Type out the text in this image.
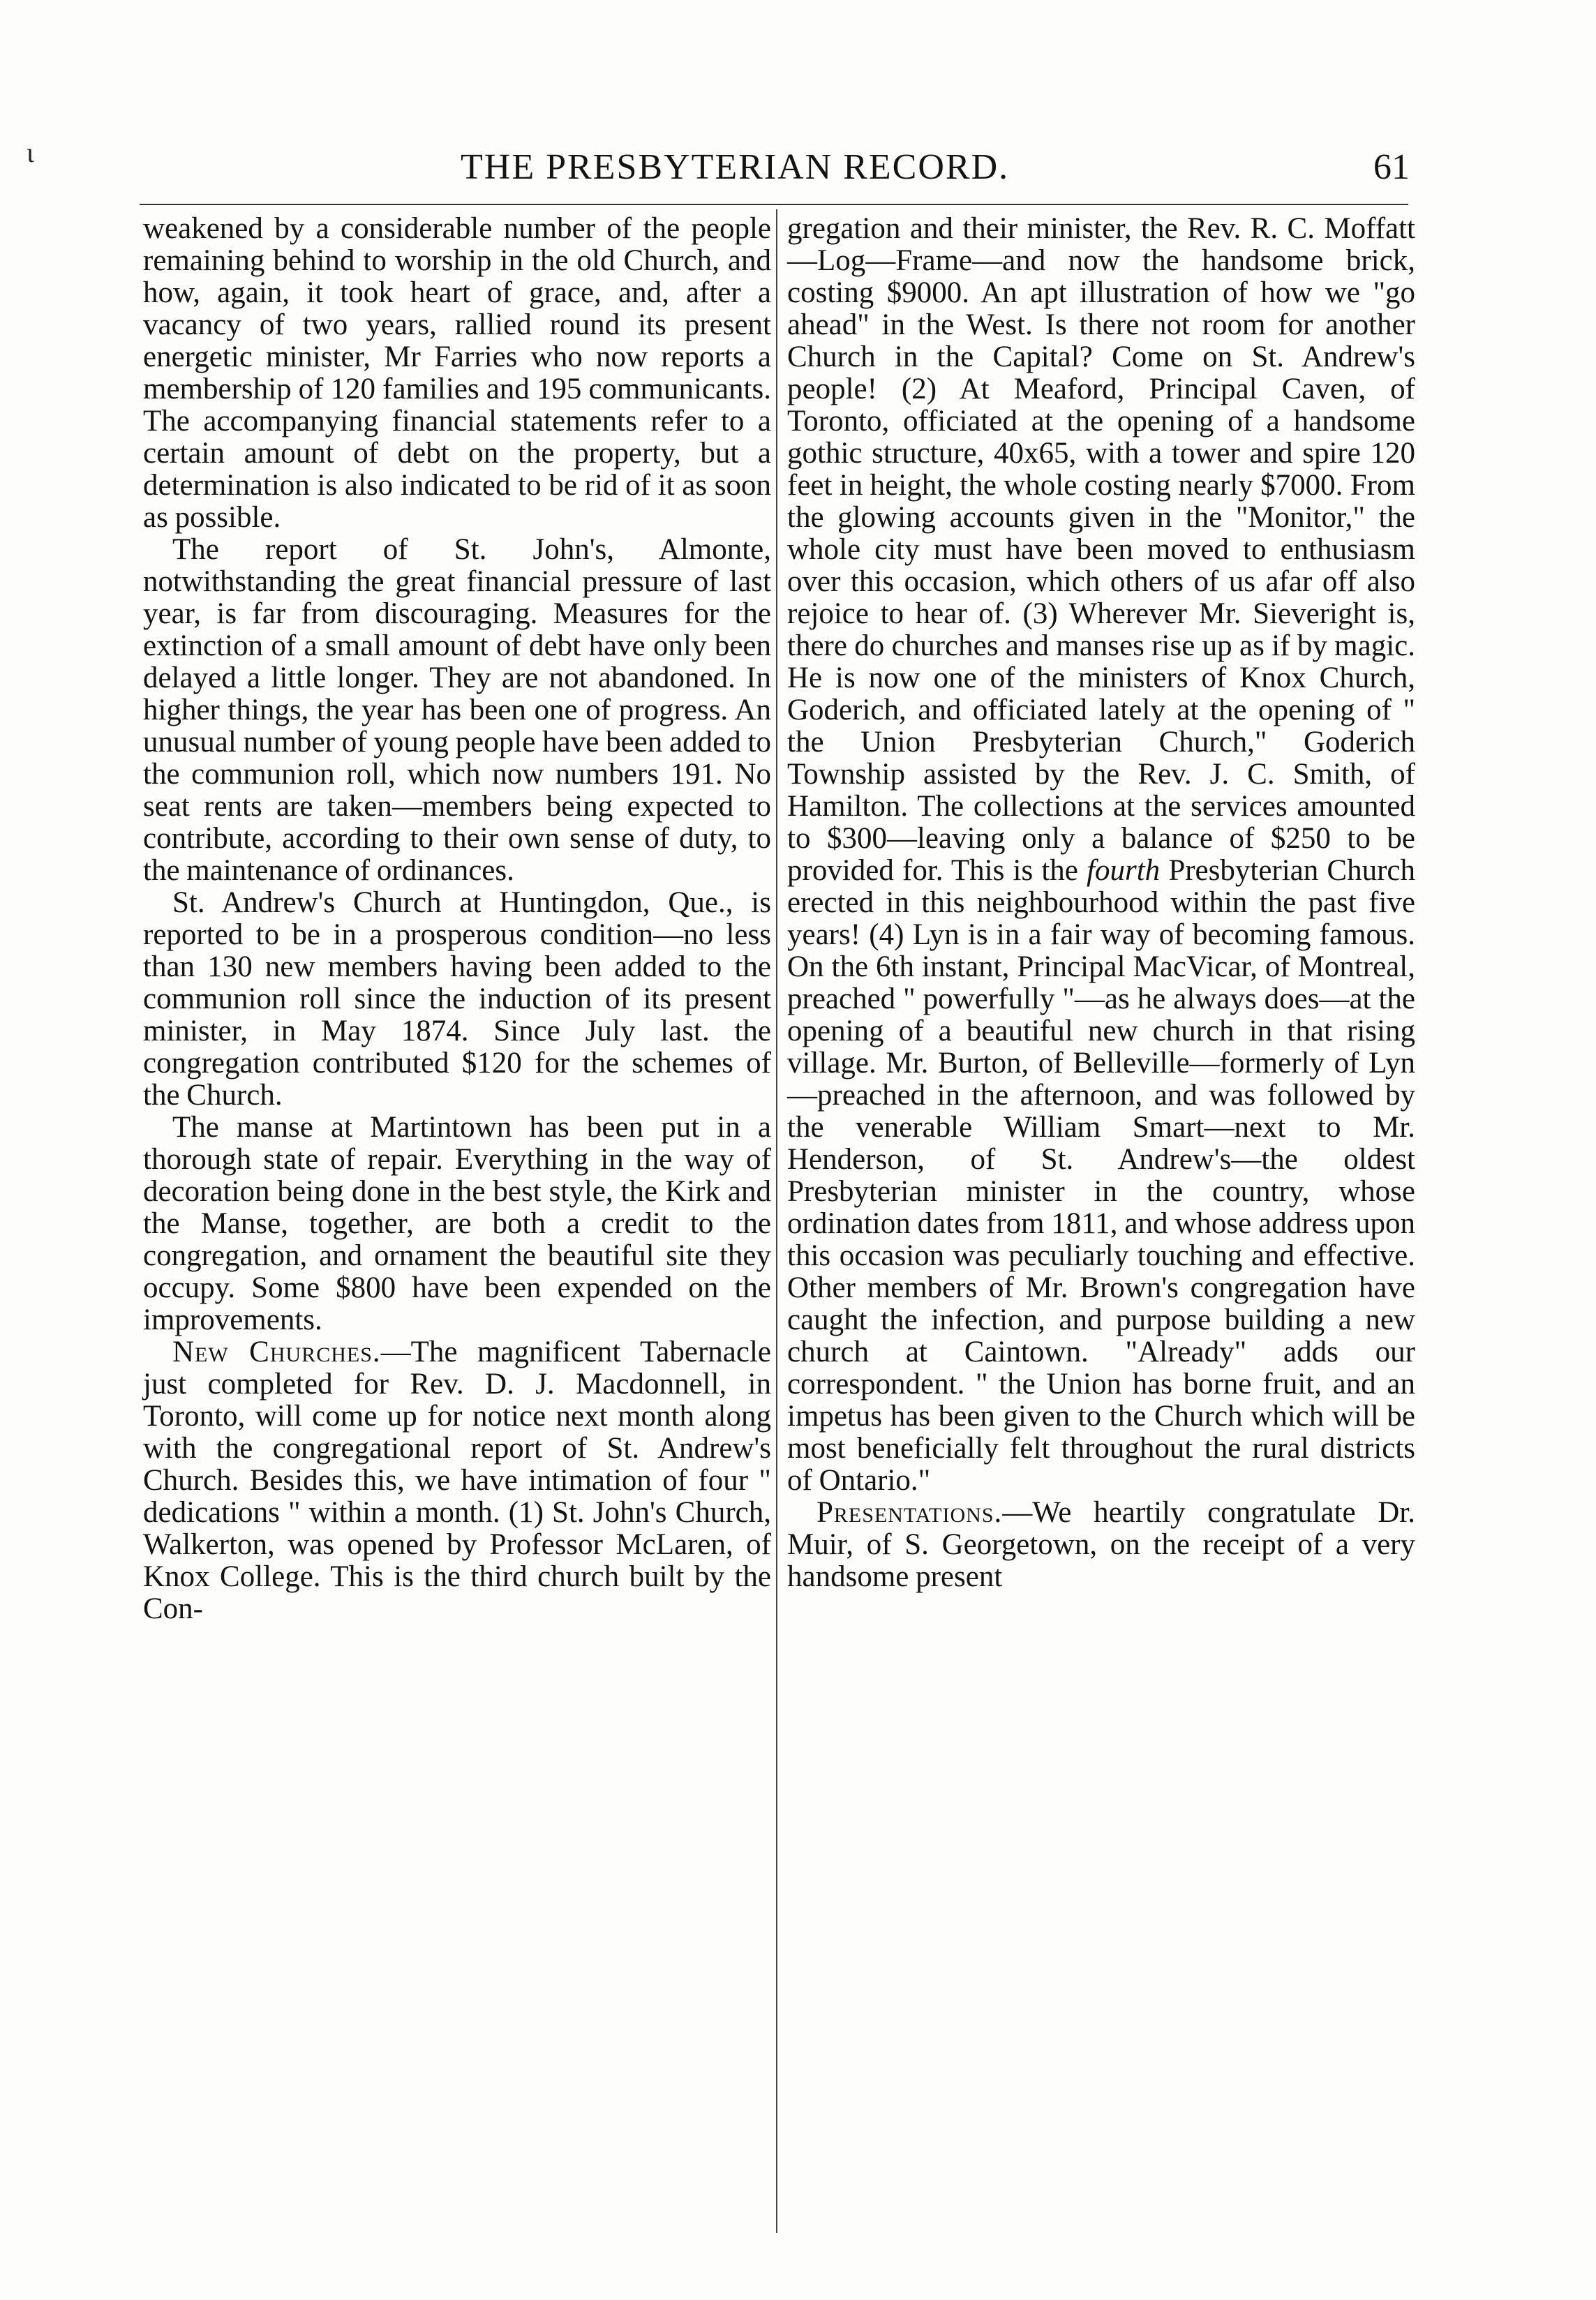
THE PRESBYTERIAN RECORD.	61
ι

weakened by a considerable number of the people remaining behind to worship in the old Church, and how, again, it took heart of grace, and, after a vacancy of two years, rallied round its present energetic minister, Mr Farries who now reports a membership of 120 families and 195 communicants. The accompanying financial statements refer to a certain amount of debt on the property, but a determination is also indicated to be rid of it as soon as possible.

The report of St. John's, Almonte, notwithstanding the great financial pressure of last year, is far from discouraging. Measures for the extinction of a small amount of debt have only been delayed a little longer. They are not abandoned. In higher things, the year has been one of progress. An unusual number of young people have been added to the communion roll, which now numbers 191. No seat rents are taken—members being expected to contribute, according to their own sense of duty, to the maintenance of ordinances.

St. Andrew's Church at Huntingdon, Que., is reported to be in a prosperous condition—no less than 130 new members having been added to the communion roll since the induction of its present minister, in May 1874. Since July last. the congregation contributed $120 for the schemes of the Church.

The manse at Martintown has been put in a thorough state of repair. Everything in the way of decoration being done in the best style, the Kirk and the Manse, together, are both a credit to the congregation, and ornament the beautiful site they occupy. Some $800 have been expended on the improvements.

New Churches.—The magnificent Tabernacle just completed for Rev. D. J. Macdonnell, in Toronto, will come up for notice next month along with the congregational report of St. Andrew's Church. Besides this, we have intimation of four " dedications " within a month. (1) St. John's Church, Walkerton, was opened by Professor McLaren, of Knox College. This is the third church built by the Con-

gregation and their minister, the Rev. R. C. Moffatt—Log—Frame—and now the handsome brick, costing $9000. An apt illustration of how we "go ahead" in the West. Is there not room for another Church in the Capital? Come on St. Andrew's people! (2) At Meaford, Principal Caven, of Toronto, officiated at the opening of a handsome gothic structure, 40x65, with a tower and spire 120 feet in height, the whole costing nearly $7000. From the glowing accounts given in the "Monitor," the whole city must have been moved to enthusiasm over this occasion, which others of us afar off also rejoice to hear of. (3) Wherever Mr. Sieveright is, there do churches and manses rise up as if by magic. He is now one of the ministers of Knox Church, Goderich, and officiated lately at the opening of " the Union Presbyterian Church," Goderich Township assisted by the Rev. J. C. Smith, of Hamilton. The collections at the services amounted to $300—leaving only a balance of $250 to be provided for. This is the fourth Presbyterian Church erected in this neighbourhood within the past five years! (4) Lyn is in a fair way of becoming famous. On the 6th instant, Principal MacVicar, of Montreal, preached " powerfully "—as he always does—at the opening of a beautiful new church in that rising village. Mr. Burton, of Belleville—formerly of Lyn—preached in the afternoon, and was followed by the venerable William Smart—next to Mr. Henderson, of St. Andrew's—the oldest Presbyterian minister in the country, whose ordination dates from 1811, and whose address upon this occasion was peculiarly touching and effective. Other members of Mr. Brown's congregation have caught the infection, and purpose building a new church at Caintown. "Already" adds our correspondent. " the Union has borne fruit, and an impetus has been given to the Church which will be most beneficially felt throughout the rural districts of Ontario."

Presentations.—We heartily congratulate Dr. Muir, of S. Georgetown, on the receipt of a very handsome present
